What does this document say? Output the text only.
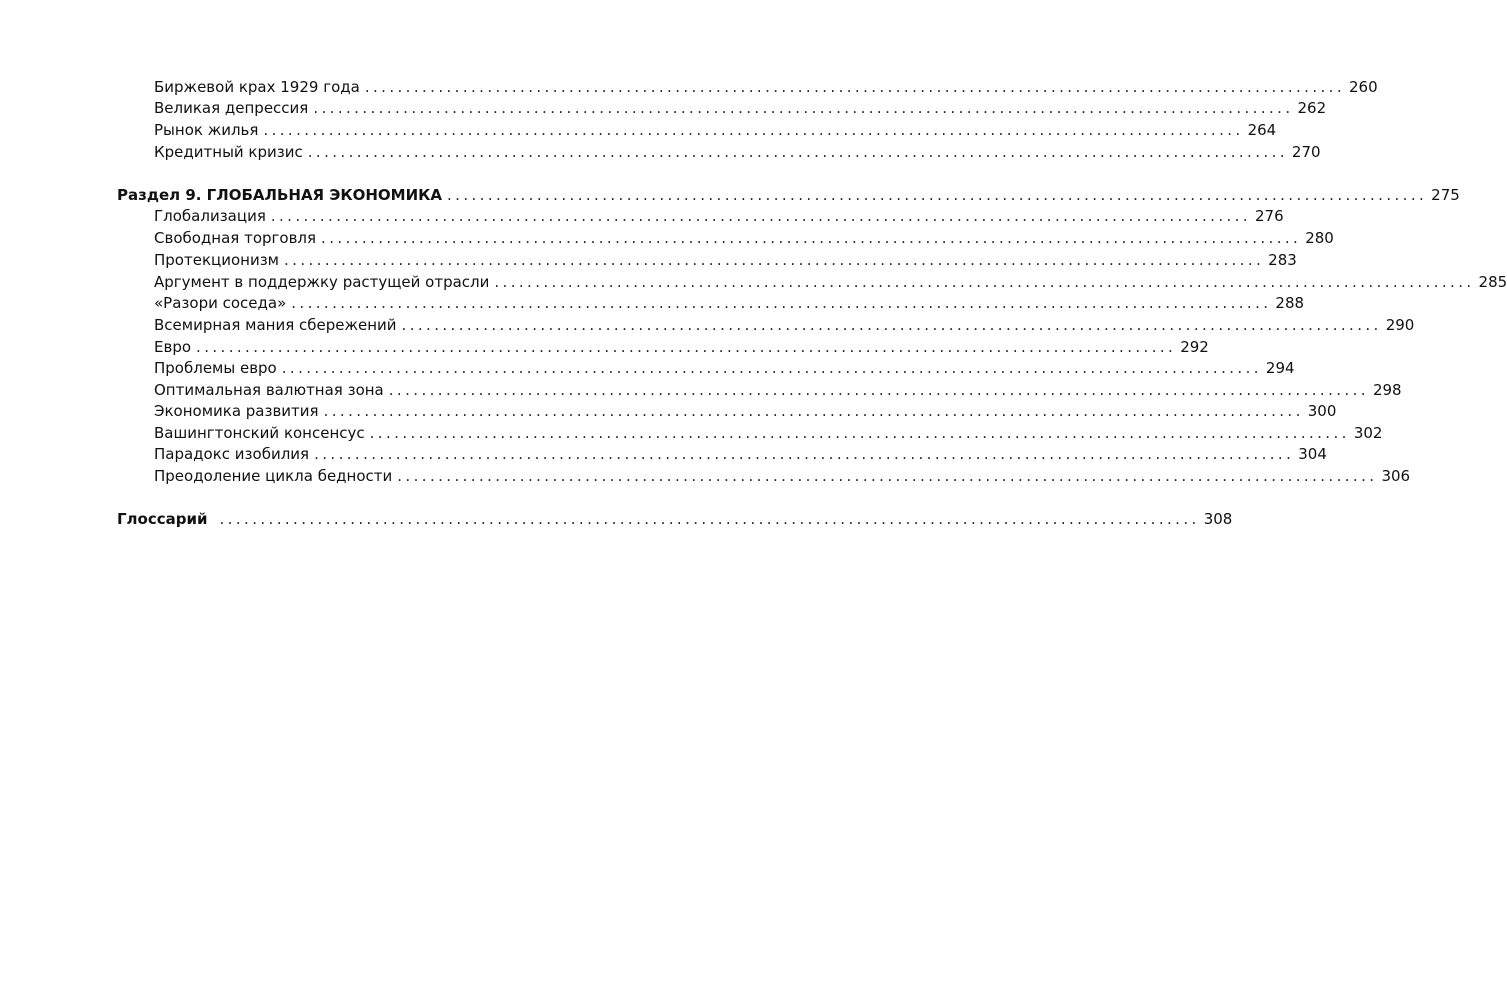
Биржевой крах 1929 года ........................................................................................................................ 260
Великая депрессия ........................................................................................................................ 262
Рынок жилья ........................................................................................................................ 264
Кредитный кризис ........................................................................................................................ 270
Раздел 9. ГЛОБАЛЬНАЯ ЭКОНОМИКА ........................................................................................................................ 275
Глобализация ........................................................................................................................ 276
Свободная торговля ........................................................................................................................ 280
Протекционизм ........................................................................................................................ 283
Аргумент в поддержку растущей отрасли ........................................................................................................................ 285
«Разори соседа» ........................................................................................................................ 288
Всемирная мания сбережений ........................................................................................................................ 290
Евро ........................................................................................................................ 292
Проблемы евро ........................................................................................................................ 294
Оптимальная валютная зона ........................................................................................................................ 298
Экономика развития ........................................................................................................................ 300
Вашингтонский консенсус ........................................................................................................................ 302
Парадокс изобилия ........................................................................................................................ 304
Преодоление цикла бедности ........................................................................................................................ 306
Глоссарий ........................................................................................................................ 308
